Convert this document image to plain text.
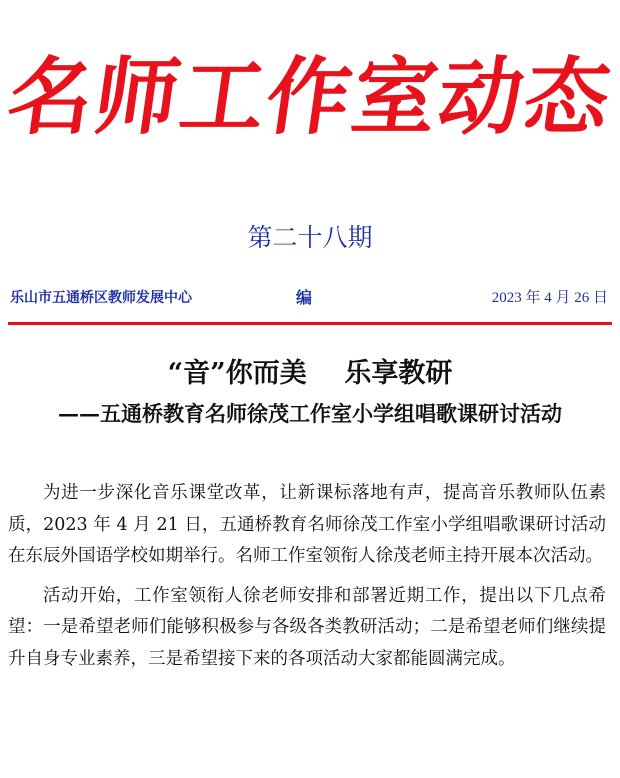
名师工作室动态
第二十八期
乐山市五通桥区教师发展中心	编	2023 年 4 月 26 日
“音”你而美    乐享教研
——五通桥教育名师徐茂工作室小学组唱歌课研讨活动

为进一步深化音乐课堂改革，让新课标落地有声，提高音乐教师队伍素质，2023 年 4 月 21 日，五通桥教育名师徐茂工作室小学组唱歌课研讨活动在东辰外国语学校如期举行。名师工作室领衔人徐茂老师主持开展本次活动。

活动开始，工作室领衔人徐老师安排和部署近期工作，提出以下几点希望：一是希望老师们能够积极参与各级各类教研活动；二是希望老师们继续提升自身专业素养，三是希望接下来的各项活动大家都能圆满完成。
